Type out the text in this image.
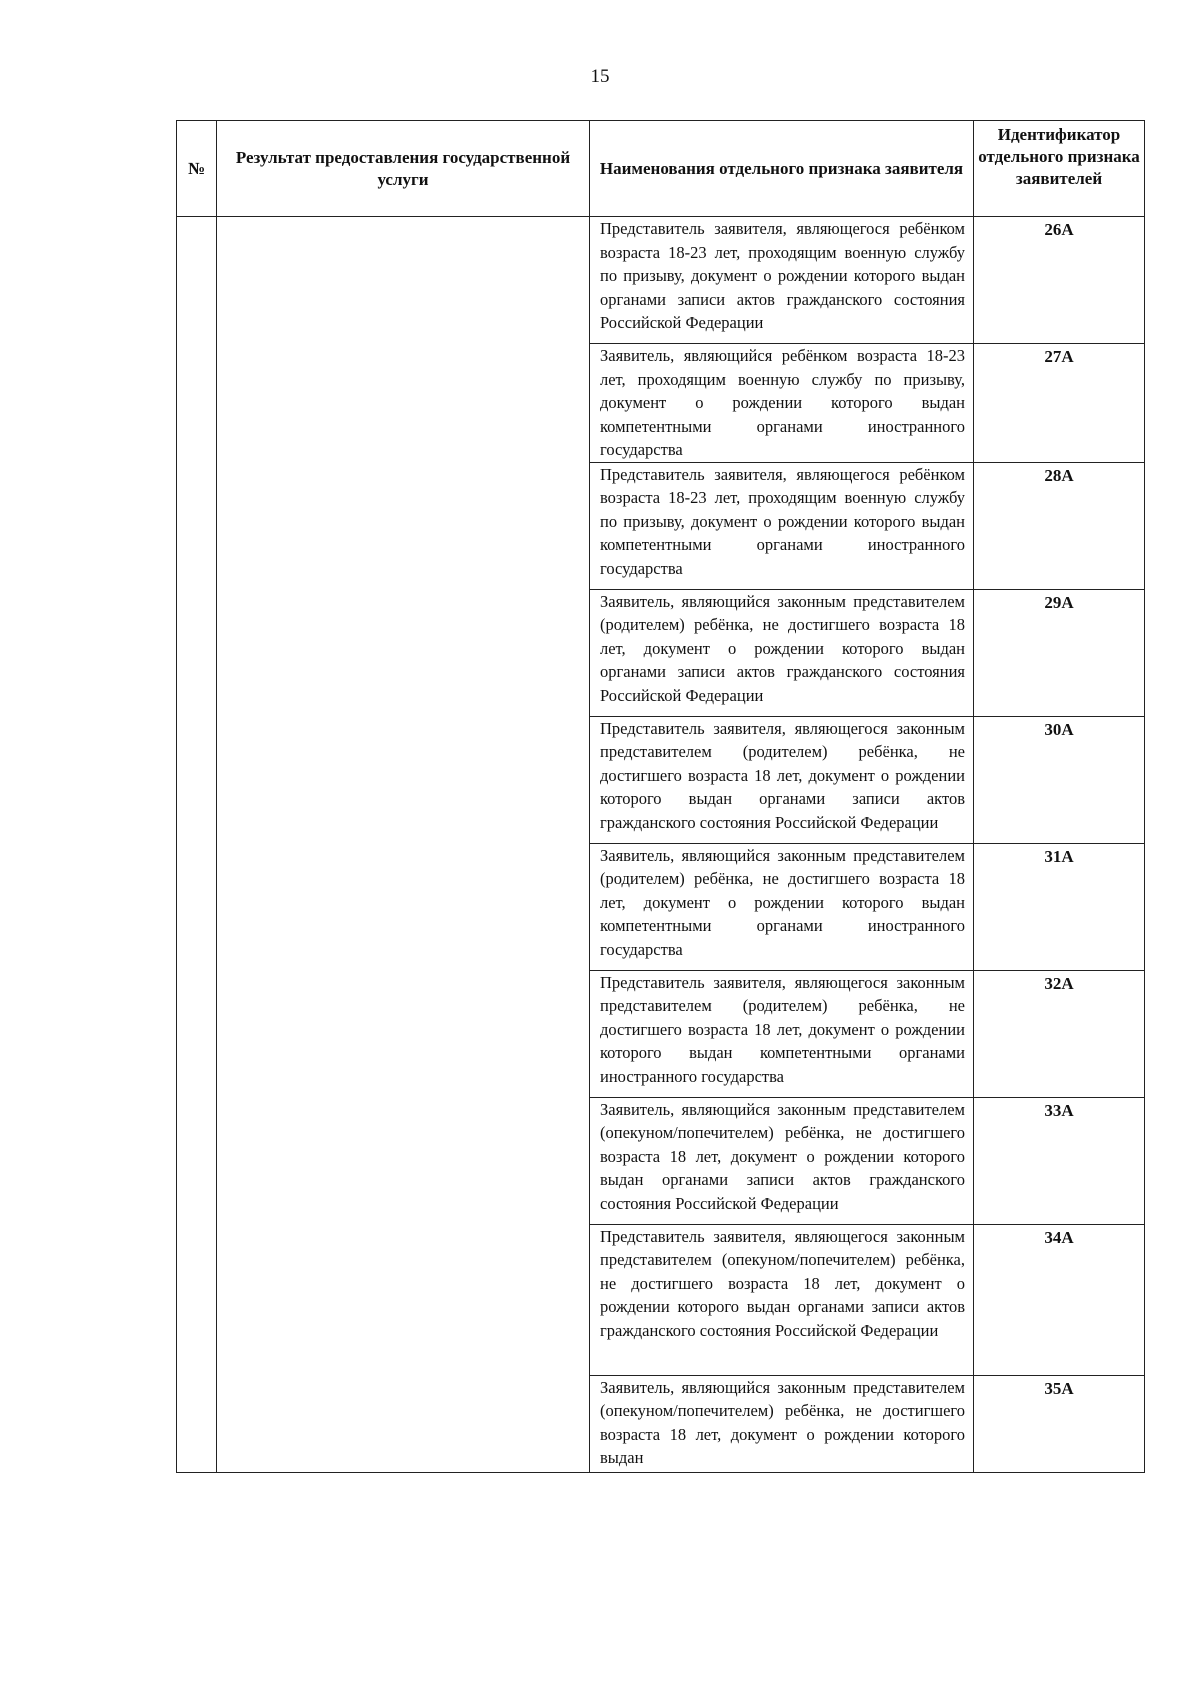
15
№	Результат предоставления государственной услуги	Наименования отдельного признака заявителя	Идентификатор отдельного признака заявителей
		Представитель заявителя, являющегося ребёнком возраста 18-23 лет, проходящим военную службу по призыву, документ о рождении которого выдан органами записи актов гражданского состояния Российской Федерации	26А
		Заявитель, являющийся ребёнком возраста 18-23 лет, проходящим военную службу по призыву, документ о рождении которого выдан компетентными органами иностранного государства	27А
		Представитель заявителя, являющегося ребёнком возраста 18-23 лет, проходящим военную службу по призыву, документ о рождении которого выдан компетентными органами иностранного государства	28А
		Заявитель, являющийся законным представителем (родителем) ребёнка, не достигшего возраста 18 лет, документ о рождении которого выдан органами записи актов гражданского состояния Российской Федерации	29А
		Представитель заявителя, являющегося законным представителем (родителем) ребёнка, не достигшего возраста 18 лет, документ о рождении которого выдан органами записи актов гражданского состояния Российской Федерации	30А
		Заявитель, являющийся законным представителем (родителем) ребёнка, не достигшего возраста 18 лет, документ о рождении которого выдан компетентными органами иностранного государства	31А
		Представитель заявителя, являющегося законным представителем (родителем) ребёнка, не достигшего возраста 18 лет, документ о рождении которого выдан компетентными органами иностранного государства	32А
		Заявитель, являющийся законным представителем (опекуном/попечителем) ребёнка, не достигшего возраста 18 лет, документ о рождении которого выдан органами записи актов гражданского состояния Российской Федерации	33А
		Представитель заявителя, являющегося законным представителем (опекуном/попечителем) ребёнка, не достигшего возраста 18 лет, документ о рождении которого выдан органами записи актов гражданского состояния Российской Федерации	34А
		Заявитель, являющийся законным представителем (опекуном/попечителем) ребёнка, не достигшего возраста 18 лет, документ о рождении которого выдан	35А
